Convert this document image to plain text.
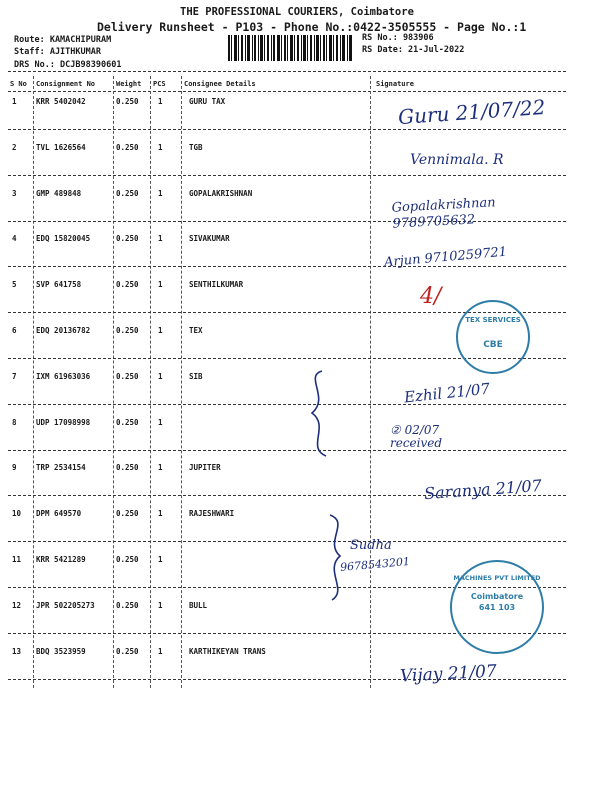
THE PROFESSIONAL COURIERS, Coimbatore
Delivery Runsheet - P103 - Phone No.:0422-3505555 - Page No.:1
Route: KAMACHIPURAM
Staff: AJITHKUMAR
DRS No.: DCJB98390601
RS No.: 983906
RS Date: 21-Jul-2022
S No Consignment No	Weight PCS	Consignee Details	Signature
1	KRR 5402042	0.250	1	GURU TAX
2	TVL 1626564	0.250	1	TGB
3	GMP 489848	0.250	1	GOPALAKRISHNAN
4	EDQ 15820045	0.250	1	SIVAKUMAR
5	SVP 641758	0.250	1	SENTHILKUMAR
6	EDQ 20136782	0.250	1	TEX
7	IXM 61963036	0.250	1	SIB
8	UDP 17098998	0.250	1
9	TRP 2534154	0.250	1	JUPITER
10 DPM 649570	0.250	1	RAJESHWARI
11 KRR 5421289	0.250	1
12 JPR 502205273	0.250	1	BULL
13 BDQ 3523959	0.250	1	KARTHIKEYAN TRANS
Guru 21/07/22
Vennimala. R
Gopalakrishnan 9789705632
Arjun 9710259721
4/
Ezhil 21/07
② 02/07 received
Saranya 21/07
Sudha
9678543201
Vijay 21/07
TEX SERVICES
CBE
MACHINES PVT LIMITED
Coimbatore
641 103
